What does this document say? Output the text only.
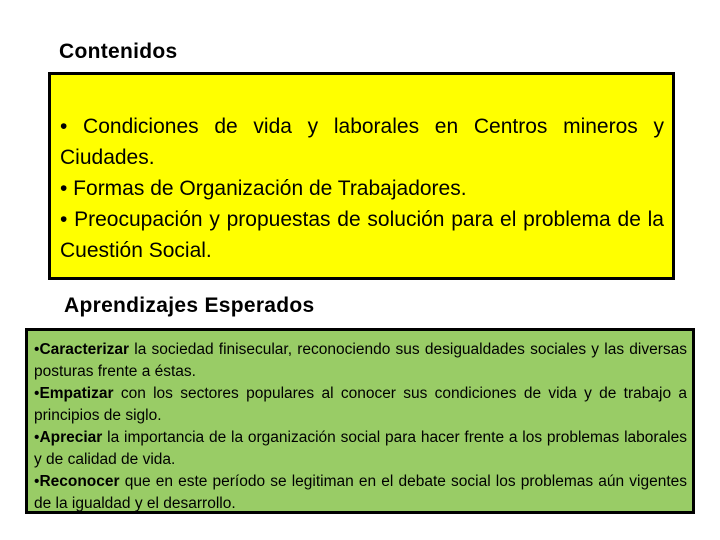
Contenidos

• Condiciones de vida y laborales en Centros mineros y Ciudades.

• Formas de Organización de Trabajadores.

• Preocupación y propuestas de solución para el problema de la Cuestión Social.

Aprendizajes Esperados

•Caracterizar la sociedad finisecular, reconociendo sus desigualdades sociales y las diversas posturas frente a éstas.

•Empatizar con los sectores populares al conocer sus condiciones de vida y de trabajo a principios de siglo.

•Apreciar la importancia de la organización social para hacer frente a los problemas laborales y de calidad de vida.

•Reconocer que en este período se legitiman en el debate social los problemas aún vigentes de la igualdad y el desarrollo.
